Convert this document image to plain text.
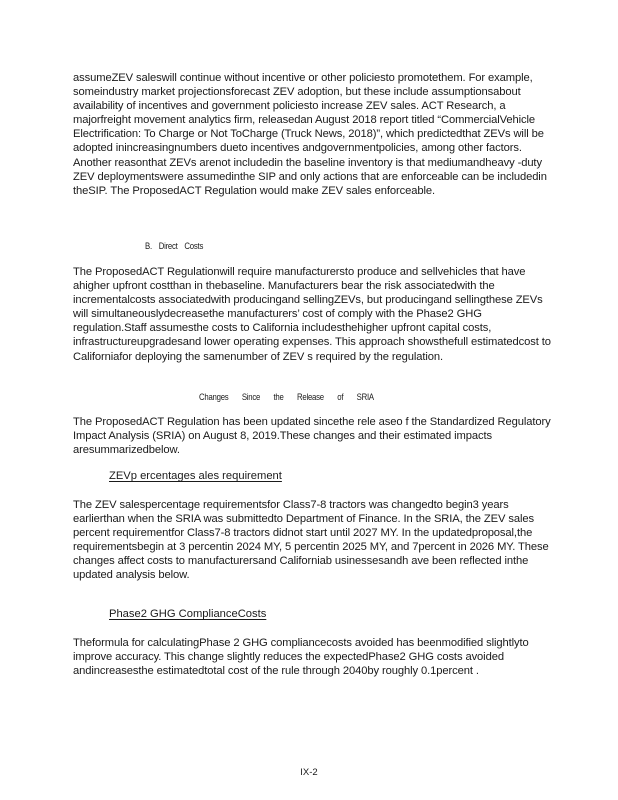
assumeZEV saleswill continue without incentive or other policiesto promotethem. For example, someindustry market projectionsforecast ZEV adoption, but these include assumptionsabout availability of incentives and government policiesto increase ZEV sales. ACT Research, a majorfreight movement analytics firm, releasedan August 2018 report titled “CommercialVehicle Electrification: To Charge or Not ToCharge (Truck News, 2018)”, which predictedthat ZEVs will be adopted inincreasingnumbers dueto incentives andgovernmentpolicies, among other factors. Another reasonthat ZEVs arenot includedin the baseline inventory is that mediumandheavy -duty ZEV deploymentswere assumedinthe SIP and only actions that are enforceable can be includedin theSIP. The ProposedACT Regulation would make ZEV sales enforceable.

B. Direct Costs

The ProposedACT Regulationwill require manufacturersto produce and sellvehicles that have ahigher upfront costthan in thebaseline. Manufacturers bear the risk associatedwith the incrementalcosts associatedwith producingand sellingZEVs, but producingand sellingthese ZEVs will simultaneouslydecreasethe manufacturers’ cost of comply with the Phase2 GHG regulation.Staff assumesthe costs to California includesthehigher upfront capital costs, infrastructureupgradesand lower operating expenses. This approach showsthefull estimatedcost to Californiafor deploying the samenumber of ZEV s required by the regulation.

Changes Since the Release of SRIA

The ProposedACT Regulation has been updated sincethe rele aseo f the Standardized Regulatory Impact Analysis (SRIA) on August 8, 2019.These changes and their estimated impacts aresummarizedbelow.

ZEVp ercentages ales requirement

The ZEV salespercentage requirementsfor Class7-8 tractors was changedto begin3 years earlierthan when the SRIA was submittedto Department of Finance. In the SRIA, the ZEV sales percent requirementfor Class7-8 tractors didnot start until 2027 MY. In the updatedproposal,the requirementsbegin at 3 percentin 2024 MY, 5 percentin 2025 MY, and 7percent in 2026 MY. These changes affect costs to manufacturersand Californiab usinessesandh ave been reflected inthe updated analysis below.

Phase2 GHG ComplianceCosts

Theformula for calculatingPhase 2 GHG compliancecosts avoided has beenmodified slightlyto improve accuracy. This change slightly reduces the expectedPhase2 GHG costs avoided andincreasesthe estimatedtotal cost of the rule through 2040by roughly 0.1percent .

IX-2
